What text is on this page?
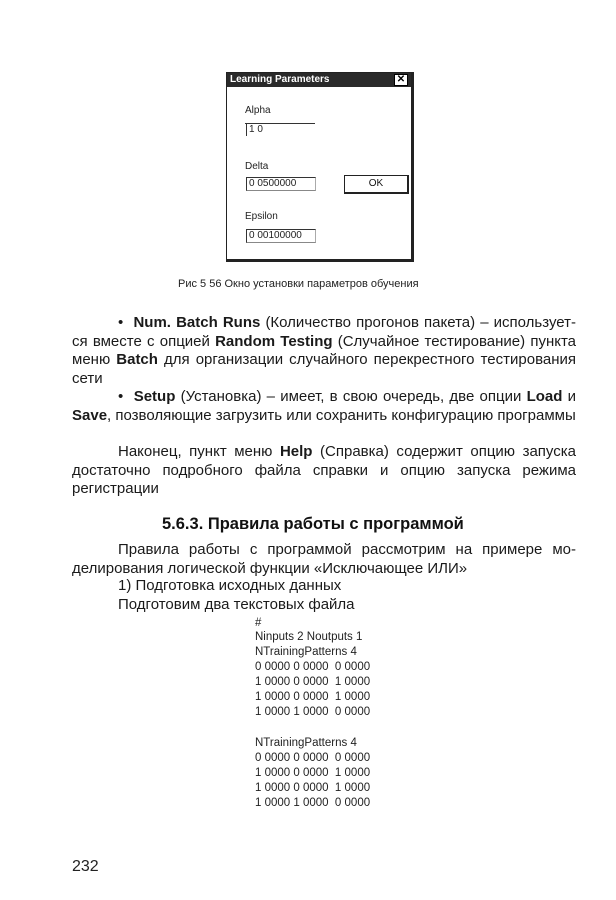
Learning Parameters	✕
Alpha
1 0
Delta
0 0500000	OK
Epsilon
0 00100000
Рис 5 56 Окно установки параметров обучения
• Num. Batch Runs (Количество прогонов пакета) – используется вместе с опцией Random Testing (Случайное тестирование) пункта меню Batch для организации случайного перекрестного тестирования сети
• Setup (Установка) – имеет, в свою очередь, две опции Load и Save, позволяющие загрузить или сохранить конфигурацию программы
Наконец, пункт меню Help (Справка) содержит опцию запуска достаточно подробного файла справки и опцию запуска режима регистрации
5.6.3. Правила работы с программой
Правила работы с программой рассмотрим на примере моделирования логической функции «Исключающее ИЛИ»
1) Подготовка исходных данных
Подготовим два текстовых файла
#
Ninputs 2 Noutputs 1
NTrainingPatterns 4
0 0000 0 0000  0 0000
1 0000 0 0000  1 0000
1 0000 0 0000  1 0000
1 0000 1 0000  0 0000
NTrainingPatterns 4
0 0000 0 0000  0 0000
1 0000 0 0000  1 0000
1 0000 0 0000  1 0000
1 0000 1 0000  0 0000
232
